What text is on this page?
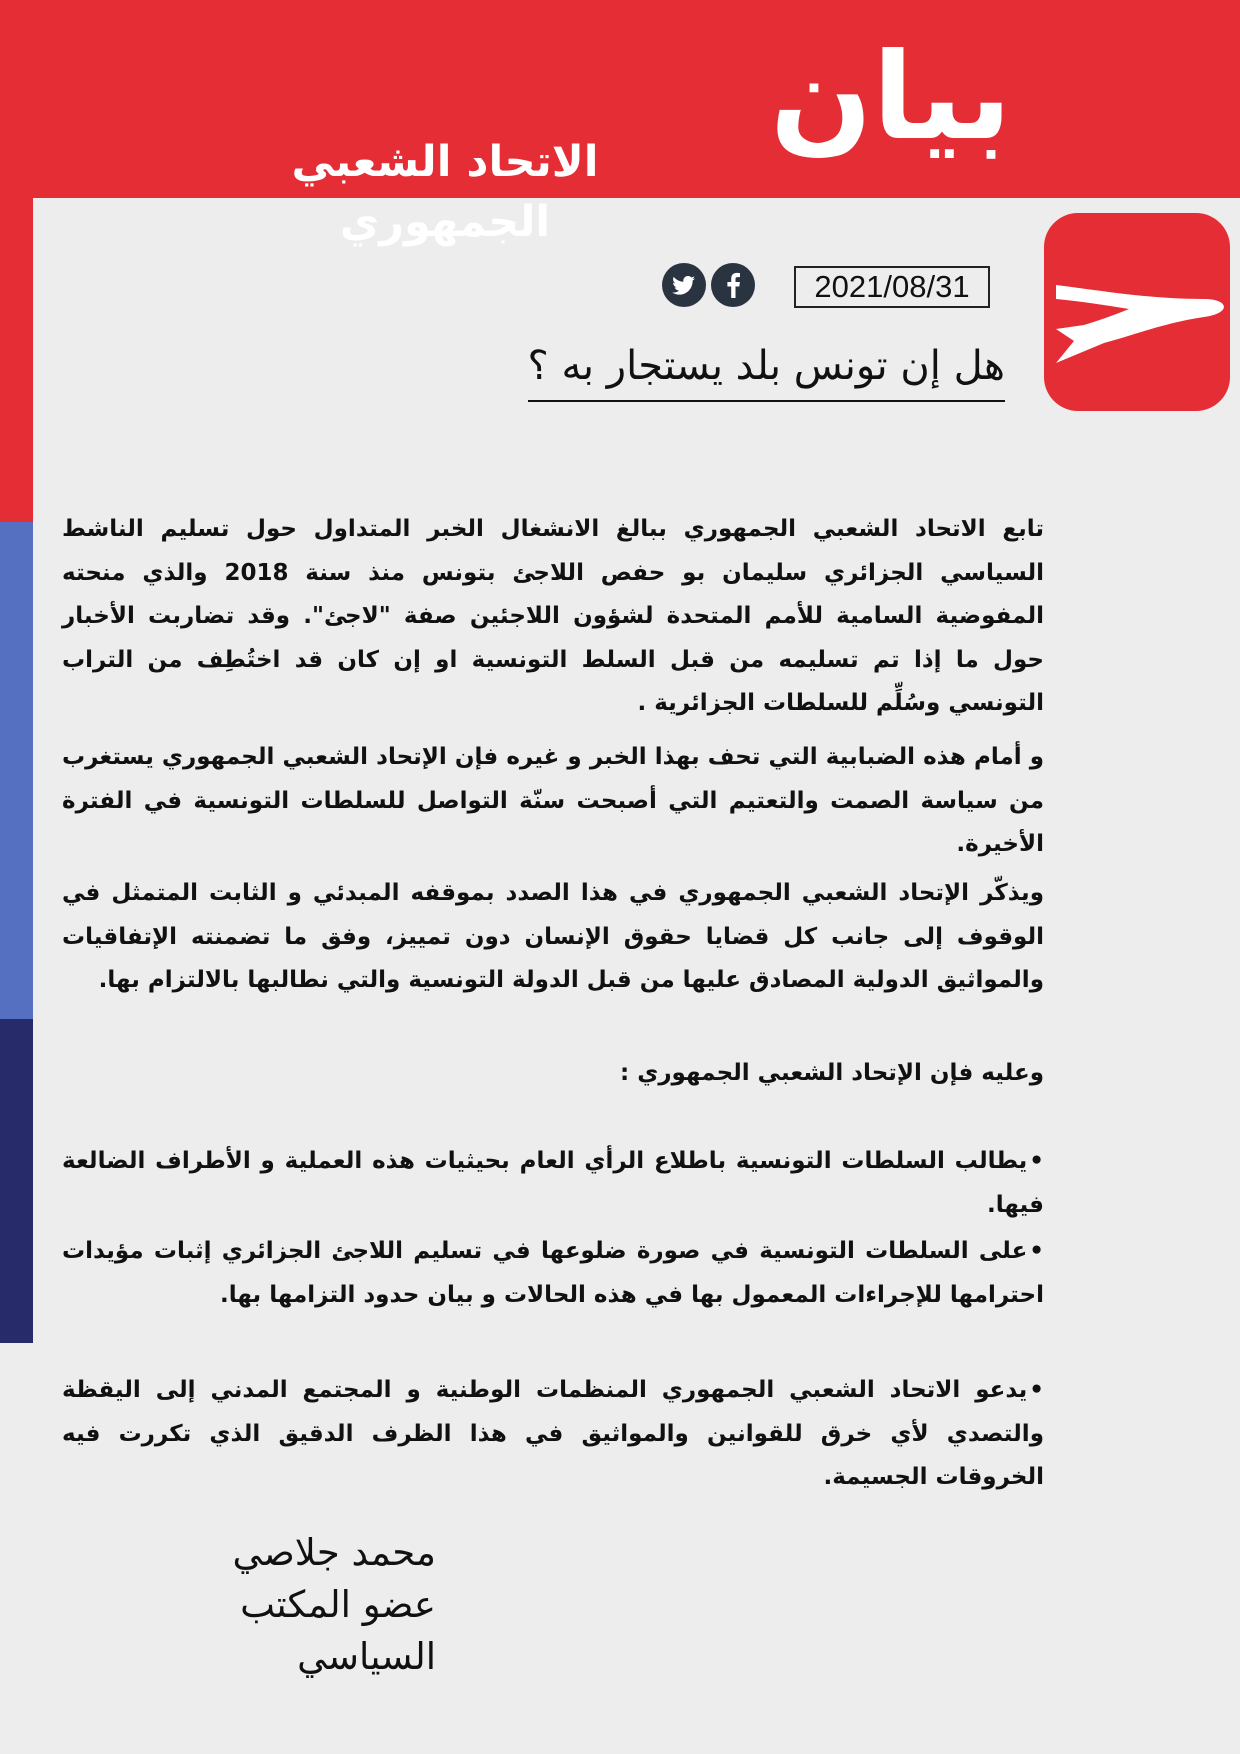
بيان
الاتحاد الشعبي الجمهوري
2021/08/31
هل إن تونس بلد يستجار به ؟

تابع الاتحاد الشعبي الجمهوري ببالغ الانشغال الخبر المتداول حول تسليم الناشط السياسي الجزائري سليمان بو حفص اللاجئ بتونس منذ سنة 2018 والذي منحته المفوضية السامية للأمم المتحدة لشؤون اللاجئين صفة "لاجئ". وقد تضاربت الأخبار حول ما إذا تم تسليمه من قبل السلط التونسية او إن كان قد اختُطِف من التراب التونسي وسُلِّم للسلطات الجزائرية .

و أمام هذه الضبابية التي تحف بهذا الخبر و غيره فإن الإتحاد الشعبي الجمهوري يستغرب من سياسة الصمت والتعتيم التي أصبحت سنّة التواصل للسلطات التونسية في الفترة الأخيرة.

ويذكّر الإتحاد الشعبي الجمهوري في هذا الصدد بموقفه المبدئي و الثابت المتمثل في الوقوف إلى جانب كل قضايا حقوق الإنسان دون تمييز، وفق ما تضمنته الإتفاقيات والمواثيق الدولية المصادق عليها من قبل الدولة التونسية والتي نطالبها بالالتزام بها.

وعليه فإن الإتحاد الشعبي الجمهوري :

• يطالب السلطات التونسية باطلاع الرأي العام بحيثيات هذه العملية و الأطراف الضالعة فيها.

• على السلطات التونسية في صورة ضلوعها في تسليم اللاجئ الجزائري إثبات مؤيدات احترامها للإجراءات المعمول بها في هذه الحالات و بيان حدود التزامها بها.

• يدعو الاتحاد الشعبي الجمهوري المنظمات الوطنية و المجتمع المدني إلى اليقظة والتصدي لأي خرق للقوانين والمواثيق في هذا الظرف الدقيق الذي تكررت فيه الخروقات الجسيمة.

محمد جلاصي
عضو المكتب السياسي
